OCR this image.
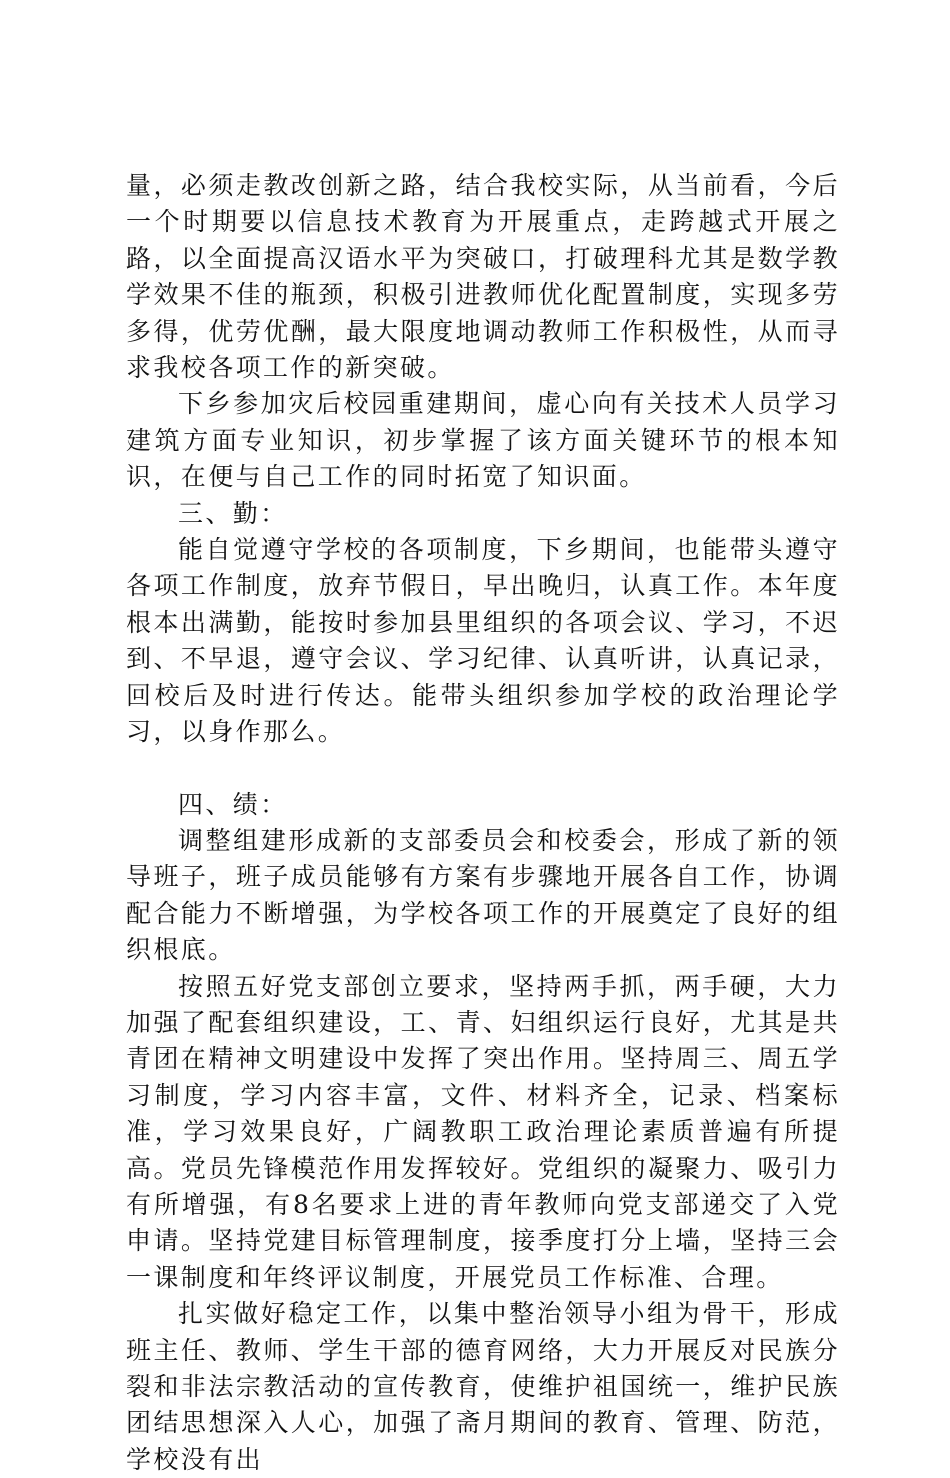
量，必须走教改创新之路，结合我校实际，从当前看，今后一个时期要以信息技术教育为开展重点，走跨越式开展之路，以全面提高汉语水平为突破口，打破理科尤其是数学教学效果不佳的瓶颈，积极引进教师优化配置制度，实现多劳多得，优劳优酬，最大限度地调动教师工作积极性，从而寻求我校各项工作的新突破。

下乡参加灾后校园重建期间，虚心向有关技术人员学习建筑方面专业知识，初步掌握了该方面关键环节的根本知识，在便与自己工作的同时拓宽了知识面。

三、勤：

能自觉遵守学校的各项制度，下乡期间，也能带头遵守各项工作制度，放弃节假日，早出晚归，认真工作。本年度根本出满勤，能按时参加县里组织的各项会议、学习，不迟到、不早退，遵守会议、学习纪律、认真听讲，认真记录，回校后及时进行传达。能带头组织参加学校的政治理论学习，以身作那么。

四、绩：

调整组建形成新的支部委员会和校委会，形成了新的领导班子，班子成员能够有方案有步骤地开展各自工作，协调配合能力不断增强，为学校各项工作的开展奠定了良好的组织根底。

按照五好党支部创立要求，坚持两手抓，两手硬，大力加强了配套组织建设，工、青、妇组织运行良好，尤其是共青团在精神文明建设中发挥了突出作用。坚持周三、周五学习制度，学习内容丰富，文件、材料齐全，记录、档案标准，学习效果良好，广阔教职工政治理论素质普遍有所提高。党员先锋模范作用发挥较好。党组织的凝聚力、吸引力有所增强，有8名要求上进的青年教师向党支部递交了入党申请。坚持党建目标管理制度，接季度打分上墙，坚持三会一课制度和年终评议制度，开展党员工作标准、合理。

扎实做好稳定工作，以集中整治领导小组为骨干，形成班主任、教师、学生干部的德育网络，大力开展反对民族分裂和非法宗教活动的宣传教育，使维护祖国统一，维护民族团结思想深入人心，加强了斋月期间的教育、管理、防范，学校没有出
